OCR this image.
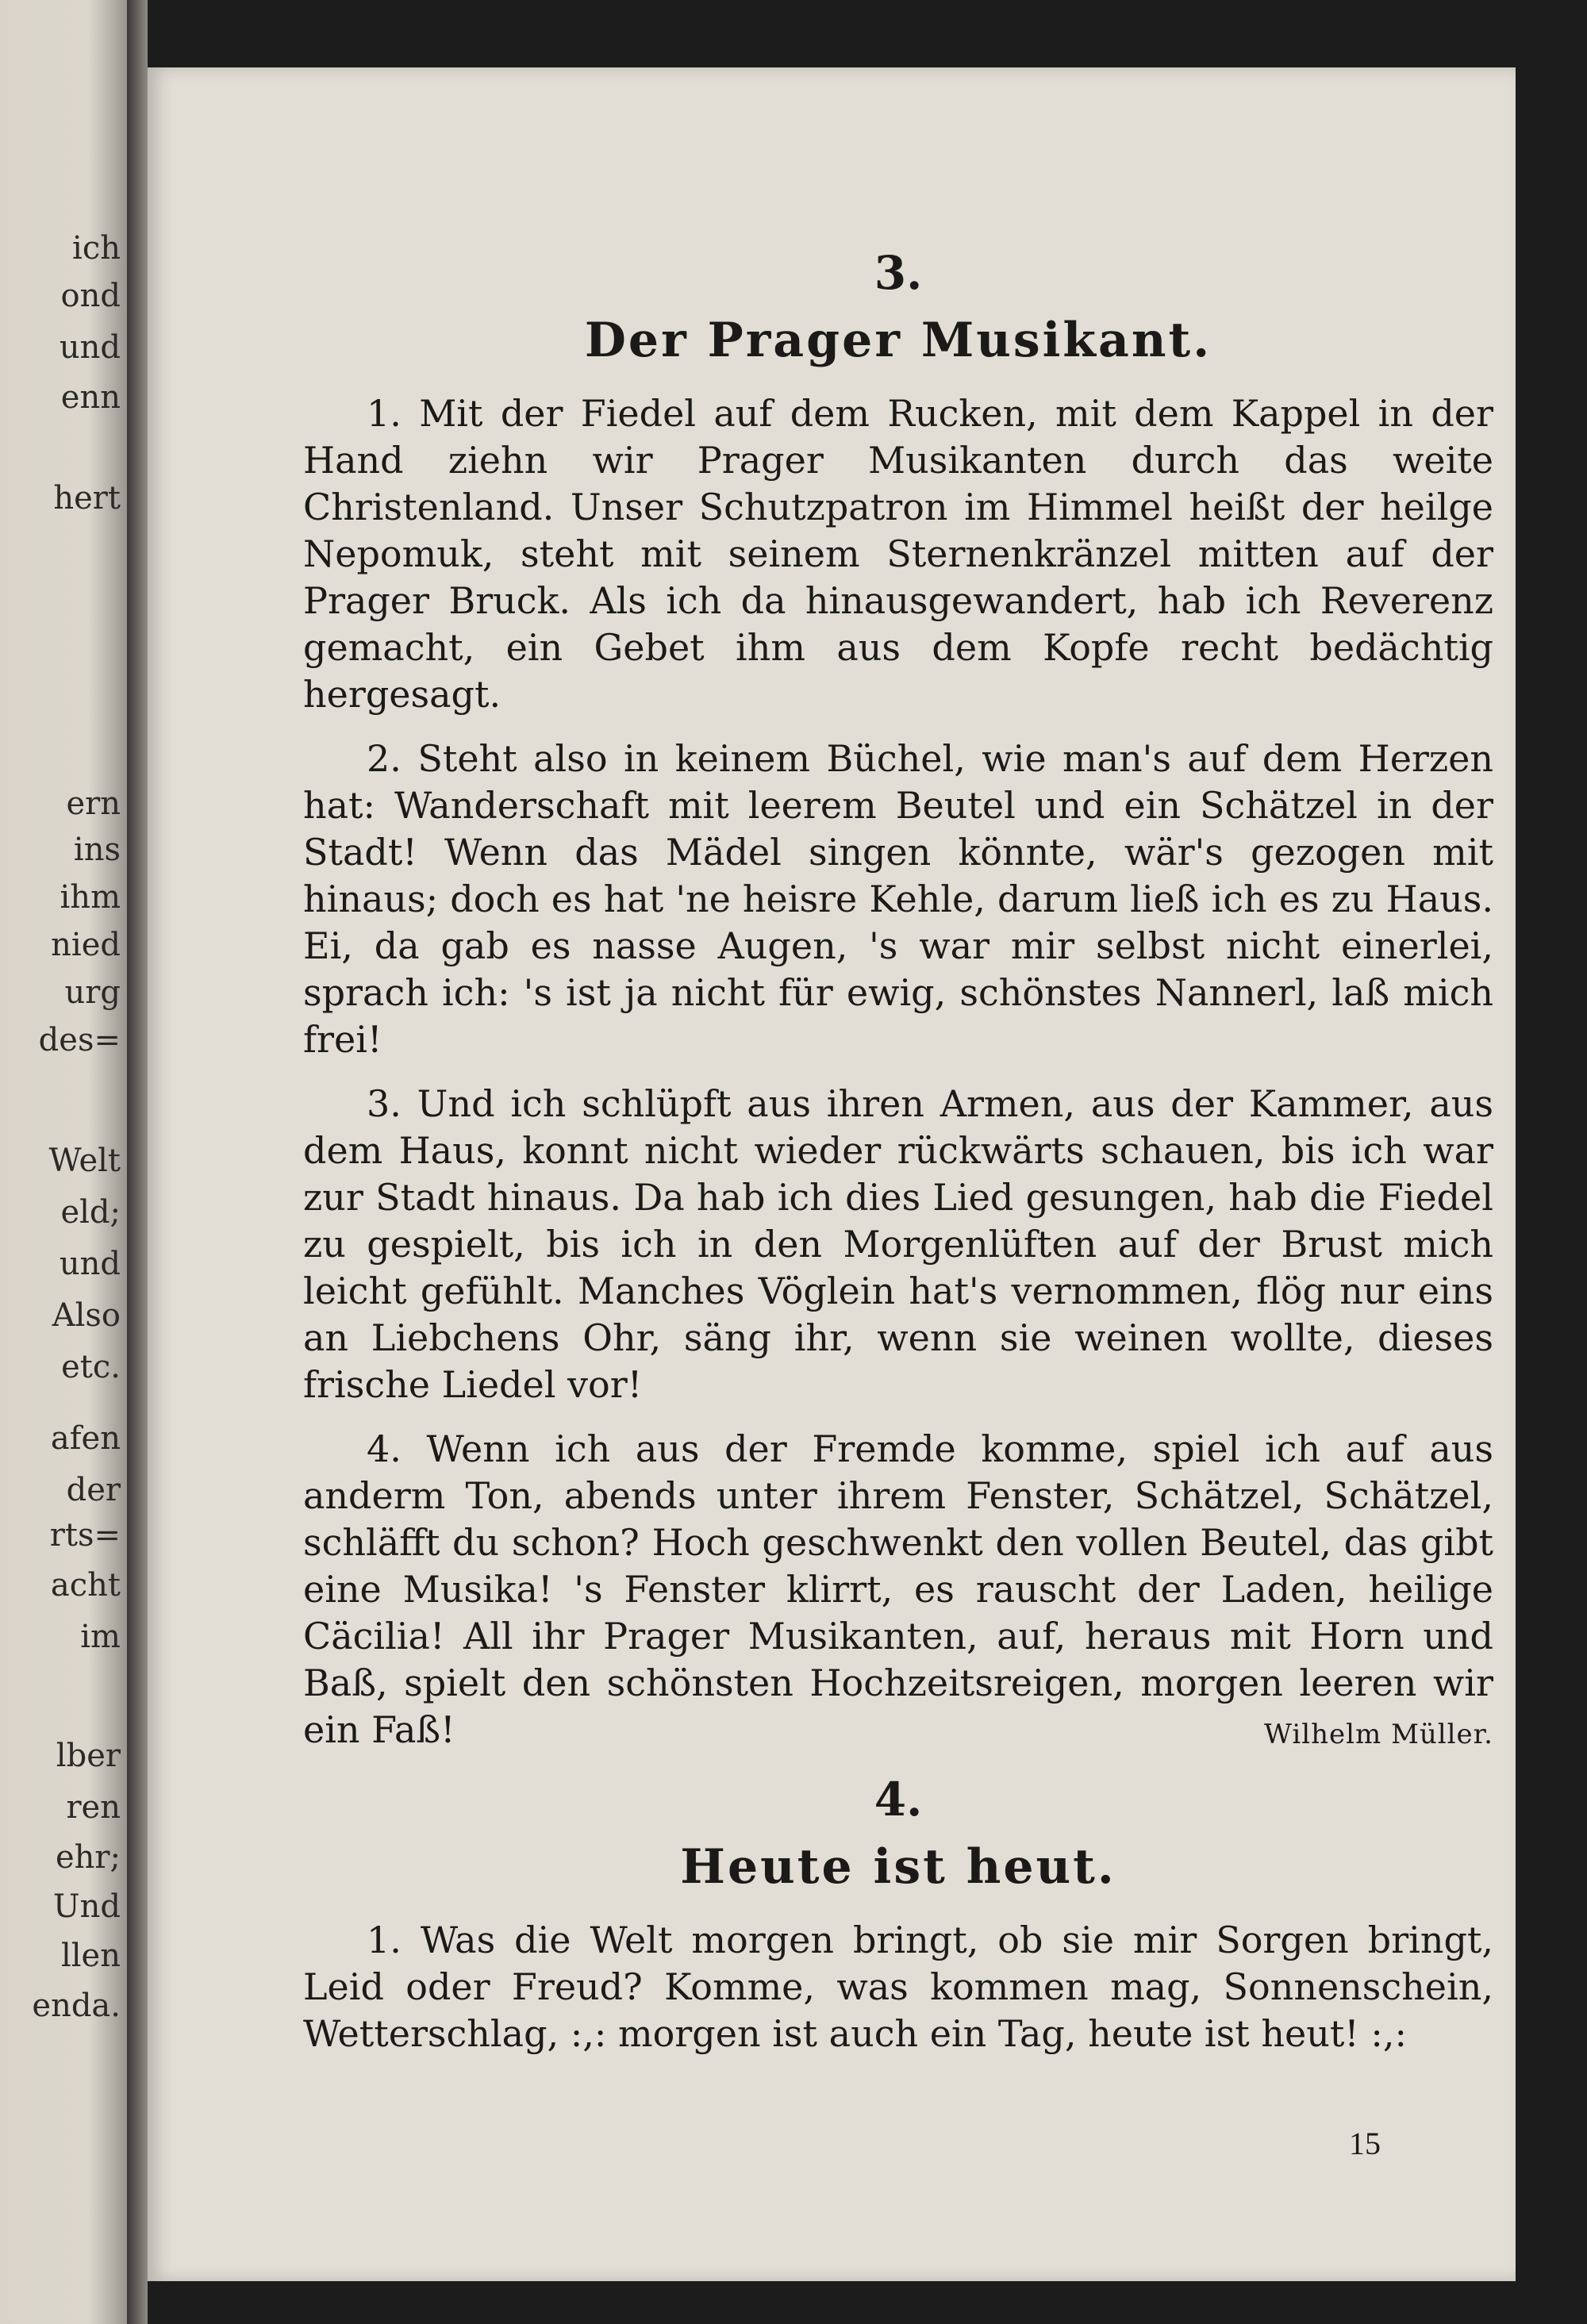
ich
ond
und
enn
hert
ern
ins
ihm
nied
urg
des=
Welt
eld;
und
Also
etc.
afen
der
rts=
acht
im
lber
ren
ehr;
Und
llen
enda.
3.
Der Prager Musikant.

1. Mit der Fiedel auf dem Rucken, mit dem Kappel in der Hand ziehn wir Prager Musikanten durch das weite Christenland. Unser Schutzpatron im Himmel heißt der heilge Nepomuk, steht mit seinem Sternenkränzel mitten auf der Prager Bruck. Als ich da hinausgewandert, hab ich Reverenz gemacht, ein Gebet ihm aus dem Kopfe recht bedächtig hergesagt.

2. Steht also in keinem Büchel, wie man's auf dem Herzen hat: Wanderschaft mit leerem Beutel und ein Schätzel in der Stadt! Wenn das Mädel singen könnte, wär's gezogen mit hinaus; doch es hat 'ne heisre Kehle, darum ließ ich es zu Haus. Ei, da gab es nasse Augen, 's war mir selbst nicht einerlei, sprach ich: 's ist ja nicht für ewig, schönstes Nannerl, laß mich frei!

3. Und ich schlüpft aus ihren Armen, aus der Kammer, aus dem Haus, konnt nicht wieder rückwärts schauen, bis ich war zur Stadt hinaus. Da hab ich dies Lied gesungen, hab die Fiedel zu gespielt, bis ich in den Morgenlüften auf der Brust mich leicht gefühlt. Manches Vöglein hat's vernommen, flög nur eins an Liebchens Ohr, säng ihr, wenn sie weinen wollte, dieses frische Liedel vor!

4. Wenn ich aus der Fremde komme, spiel ich auf aus anderm Ton, abends unter ihrem Fenster, Schätzel, Schätzel, schläfft du schon? Hoch geschwenkt den vollen Beutel, das gibt eine Musika! 's Fenster klirrt, es rauscht der Laden, heilige Cäcilia! All ihr Prager Musikanten, auf, heraus mit Horn und Baß, spielt den schönsten Hochzeitsreigen, morgen leeren wir ein Faß!	Wilhelm Müller.
4.
Heute ist heut.

1. Was die Welt morgen bringt, ob sie mir Sorgen bringt, Leid oder Freud? Komme, was kommen mag, Sonnenschein, Wetterschlag, :,: morgen ist auch ein Tag, heute ist heut! :,:

15
